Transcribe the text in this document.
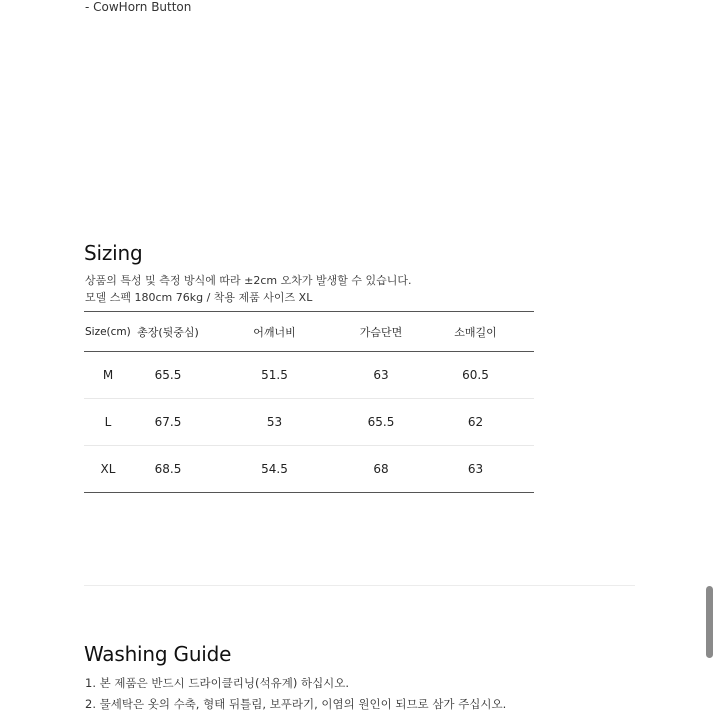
- CowHorn Button
Sizing
상품의 특성 및 측정 방식에 따라 ±2cm 오차가 발생할 수 있습니다.
모델 스펙 180cm 76kg / 착용 제품 사이즈 XL
Size(cm)	총장(뒷중심)	어깨너비	가슴단면	소매길이
M	65.5	51.5	63	60.5
L	67.5	53	65.5	62
XL	68.5	54.5	68	63
Washing Guide
1. 본 제품은 반드시 드라이클리닝(석유계) 하십시오.
2. 물세탁은 옷의 수축, 형태 뒤틀림, 보푸라기, 이염의 원인이 되므로 삼가 주십시오.
